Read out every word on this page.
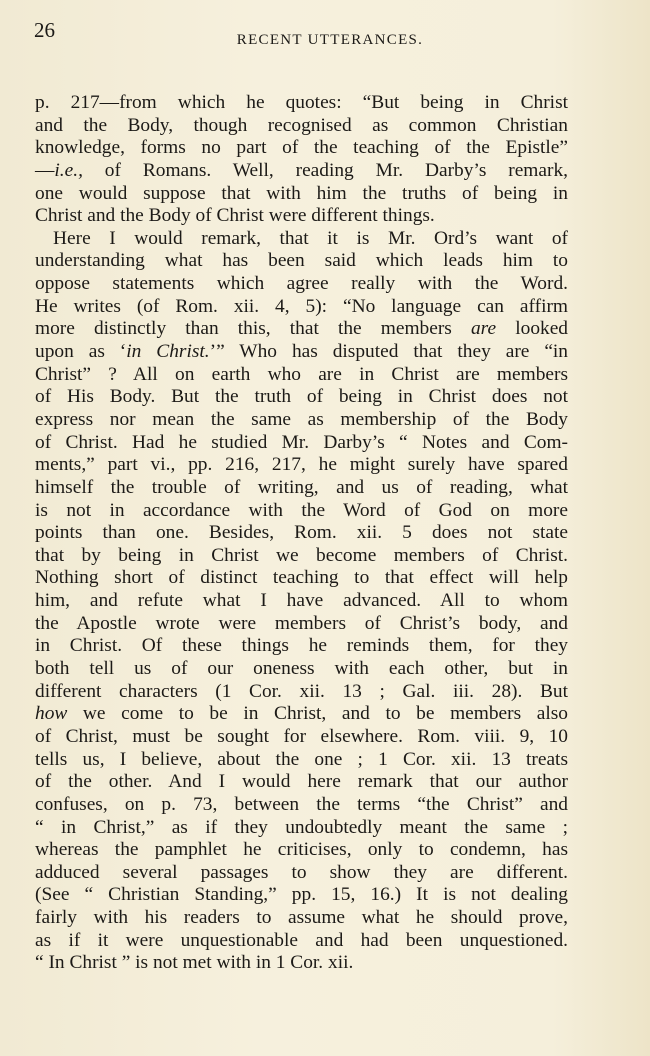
26	RECENT UTTERANCES.
p. 217—from which he quotes: “But being in Christ
and the Body, though recognised as common Christian
knowledge, forms no part of the teaching of the Epistle”
—i.e., of Romans. Well, reading Mr. Darby’s remark,
one would suppose that with him the truths of being in
Christ and the Body of Christ were different things.
Here I would remark, that it is Mr. Ord’s want of
understanding what has been said which leads him to
oppose statements which agree really with the Word.
He writes (of Rom. xii. 4, 5): “No language can affirm
more distinctly than this, that the members are looked
upon as ‘in Christ.’” Who has disputed that they are “in
Christ” ? All on earth who are in Christ are members
of His Body. But the truth of being in Christ does not
express nor mean the same as membership of the Body
of Christ. Had he studied Mr. Darby’s “ Notes and Com-
ments,” part vi., pp. 216, 217, he might surely have spared
himself the trouble of writing, and us of reading, what
is not in accordance with the Word of God on more
points than one. Besides, Rom. xii. 5 does not state
that by being in Christ we become members of Christ.
Nothing short of distinct teaching to that effect will help
him, and refute what I have advanced. All to whom
the Apostle wrote were members of Christ’s body, and
in Christ. Of these things he reminds them, for they
both tell us of our oneness with each other, but in
different characters (1 Cor. xii. 13 ; Gal. iii. 28). But
how we come to be in Christ, and to be members also
of Christ, must be sought for elsewhere. Rom. viii. 9, 10
tells us, I believe, about the one ; 1 Cor. xii. 13 treats
of the other. And I would here remark that our author
confuses, on p. 73, between the terms “the Christ” and
“ in Christ,” as if they undoubtedly meant the same ;
whereas the pamphlet he criticises, only to condemn, has
adduced several passages to show they are different.
(See “ Christian Standing,” pp. 15, 16.) It is not dealing
fairly with his readers to assume what he should prove,
as if it were unquestionable and had been unquestioned.
“ In Christ ” is not met with in 1 Cor. xii.
